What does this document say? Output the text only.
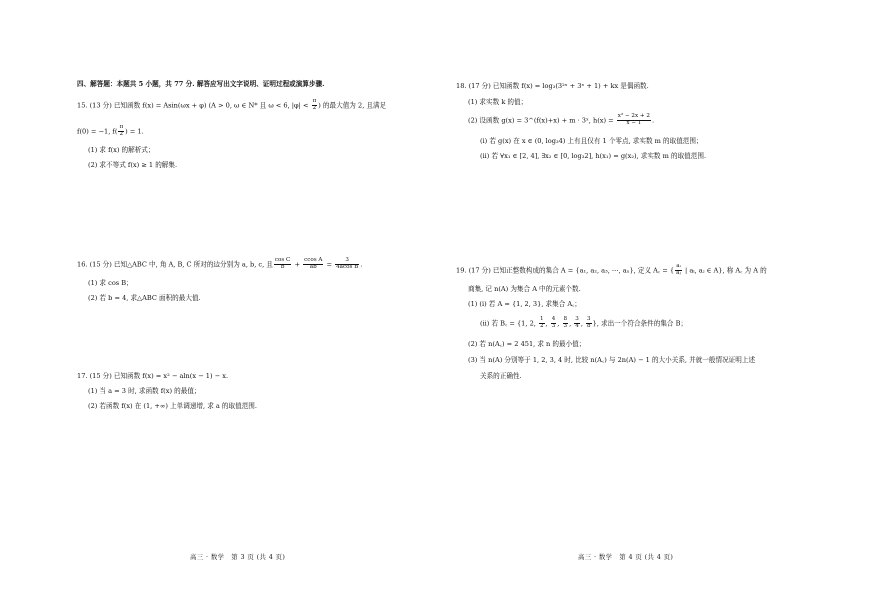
四、解答题：本题共 5 小题，共 77 分. 解答应写出文字说明、证明过程或演算步骤.
15. (13 分) 已知函数 f(x) = Asin(ωx + φ) (A > 0, ω ∈ N* 且 ω < 6, $|\varphi| < \frac{\pi}{2}$ ) 的最大值为 2, 且满足
f(0) = −1, $f( \frac{\pi}{2}$ ) = 1.
(1) 求 f(x) 的解析式；
(2) 求不等式 f(x) ≥ 1 的解集.
16. (15 分) 已知△ABC 中, 角 A, B, C 所对的边分别为 a, b, c, 且 $\frac{\text{cos C}}{b} + \frac{\text{ccos A}}{ab} = \frac{3}{\text{4acos B}}$ .
(1) 求 cos B；
(2) 若 b = 4, 求△ABC 面积的最大值.
17. (15 分) 已知函数 f(x) = x² − aln(x − 1) − x.
(1) 当 a = 3 时, 求函数 f(x) 的最值；
(2) 若函数 f(x) 在 (1, +∞) 上单调递增, 求 a 的取值范围.
高三 · 数学　第 3 页 (共 4 页)
18. (17 分) 已知函数 f(x) = log₃(3²ˣ + 3ˣ + 1) + kx 是偶函数.
(1) 求实数 k 的值；
(2) 设函数 g(x) = 3^(f(x)+x) + m · 3ˣ, $h(x) = \frac{\text{x² − 2x + 2}}{x - 1}$ .
(i) 若 g(x) 在 x ∈ (0, log₃4) 上有且仅有 1 个零点, 求实数 m 的取值范围；
(ii) 若 ∀x₁ ∈ [2, 4], ∃x₂ ∈ [0, log₃2], h(x₁) = g(x₂), 求实数 m 的取值范围.
19. (17 分) 已知正整数构成的集合 A = {a₁, a₂, a₃, ⋯, aₙ}, 定义 A꜀ = { $\frac{\text{aᵢ}}{\text{aⱼ}}$ | aᵢ, aⱼ ∈ A}, 称 A꜀ 为 A 的
商集, 记 n(A) 为集合 A 中的元素个数.
(1) (i) 若 A = {1, 2, 3}, 求集合 A꜀；
(ii) 若 B꜀ = {1, 2, $\frac{1}{2}$ , $\frac{4}{3}$ , $\frac{8}{3}$ , $\frac{3}{4}$ , $\frac{3}{8}$ }, 求出一个符合条件的集合 B；
(2) 若 n(A꜀) = 2 451, 求 n 的最小值；
(3) 当 n(A) 分别等于 1, 2, 3, 4 时, 比较 n(A꜀) 与 2n(A) − 1 的大小关系, 并就一般情况证明上述
关系的正确性.
高三 · 数学　第 4 页 (共 4 页)
